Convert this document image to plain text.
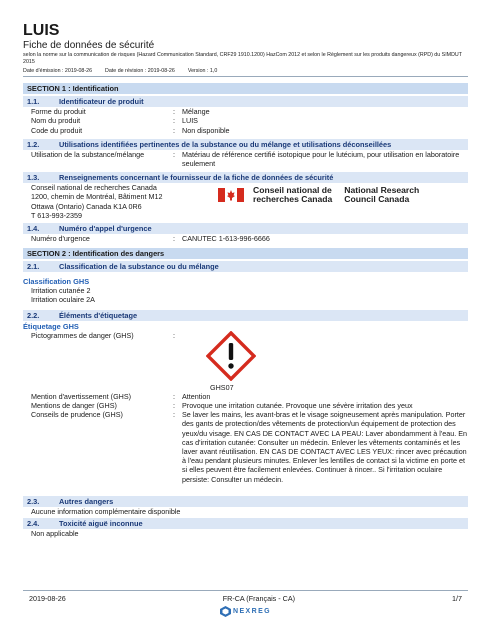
LUIS
Fiche de données de sécurité
selon la norme sur la communication de risques (Hazard Communication Standard, CRF29 1910.1200) HazCom 2012 et selon le Règlement sur les produits dangereux (RPD) du SIMDUT 2015
Date d'émission : 2019-08-26 Date de révision : 2019-08-26 Version : 1,0
SECTION 1 : Identification
1.1.	Identificateur de produit
Forme du produit	: Mélange
Nom du produit	: LUIS
Code du produit	: Non disponible
1.2.	Utilisations identifiées pertinentes de la substance ou du mélange et utilisations déconseillées
Utilisation de la substance/mélange	: Matériau de référence certifié isotopique pour le lutécium, pour utilisation en laboratoire seulement
1.3.	Renseignements concernant le fournisseur de la fiche de données de sécurité
Conseil national de recherches Canada
1200, chemin de Montréal, Bâtiment M12
Ottawa (Ontario) Canada K1A 0R6
T 613-993-2359
Conseil national de
recherches Canada
National Research
Council Canada
1.4.	Numéro d'appel d'urgence
Numéro d'urgence	: CANUTEC 1-613-996-6666
SECTION 2 : Identification des dangers
2.1.	Classification de la substance ou du mélange
Classification GHS
Irritation cutanée 2
Irritation oculaire 2A
2.2.	Éléments d'étiquetage
Étiquetage GHS
Pictogrammes de danger (GHS)	:
GHS07
Mention d'avertissement (GHS)	: Attention
Mentions de danger (GHS)	: Provoque une irritation cutanée. Provoque une sévère irritation des yeux
Conseils de prudence (GHS)	: Se laver les mains, les avant-bras et le visage soigneusement après manipulation. Porter des gants de protection/des vêtements de protection/un équipement de protection des yeux/du visage. EN CAS DE CONTACT AVEC LA PEAU: Laver abondamment à l'eau. En cas d'irritation cutanée: Consulter un médecin. Enlever les vêtements contaminés et les laver avant réutilisation. EN CAS DE CONTACT AVEC LES YEUX: rincer avec précaution à l'eau pendant plusieurs minutes. Enlever les lentilles de contact si la victime en porte et si elles peuvent être facilement enlevées. Continuer à rincer.. Si l'irritation oculaire persiste: Consulter un médecin.
2.3.	Autres dangers
Aucune information complémentaire disponible
2.4.	Toxicité aiguë inconnue
Non applicable
2019-08-26	FR-CA (Français - CA)	1/7
NEXREG
